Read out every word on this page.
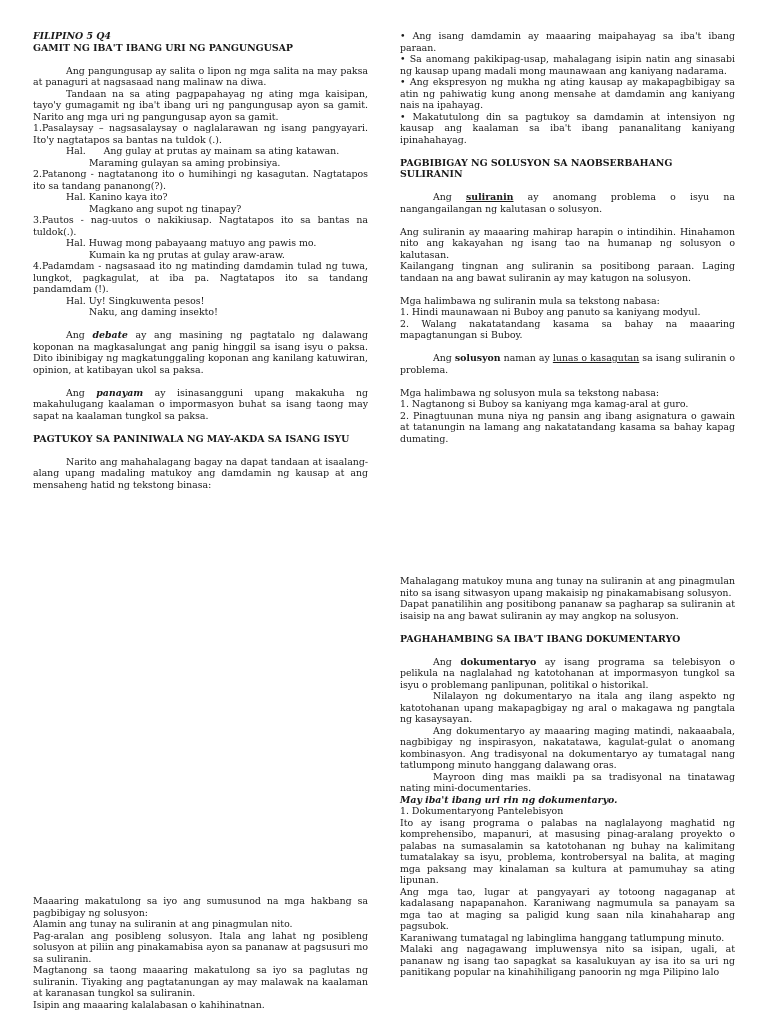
FILIPINO 5 Q4

GAMIT NG IBA'T IBANG URI NG PANGUNGUSAP

Ang pangungusap ay salita o lipon ng mga salita na may paksa at panaguri at nagsasaad nang malinaw na diwa.

Tandaan na sa ating pagpapahayag ng ating mga kaisipan, tayo'y gumagamit ng iba't ibang uri ng pangungusap ayon sa gamit. Narito ang mga uri ng pangungusap ayon sa gamit.

1.Pasalaysay – nagsasalaysay o naglalarawan ng isang pangyayari. Ito'y nagtatapos sa bantas na tuldok (.).

Hal.      Ang gulay at prutas ay mainam sa ating katawan.

Maraming gulayan sa aming probinsiya.

2.Patanong - nagtatanong ito o humihingi ng kasagutan. Nagtatapos ito sa tandang pananong(?).

Hal. Kanino kaya ito?

Magkano ang supot ng tinapay?

3.Pautos - nag-uutos o nakikiusap. Nagtatapos ito sa bantas na tuldok(.).

Hal. Huwag mong pabayaang matuyo ang pawis mo.

Kumain ka ng prutas at gulay araw-araw.

4.Padamdam - nagsasaad ito ng matinding damdamin tulad ng tuwa, lungkot, pagkagulat, at iba pa. Nagtatapos ito sa tandang pandamdam (!).

Hal. Uy! Singkuwenta pesos!

Naku, ang daming insekto!

Ang debate ay ang masining ng pagtatalo ng dalawang koponan na magkasalungat ang panig hinggil sa isang isyu o paksa. Dito ibinibigay ng magkatunggaling koponan ang kanilang katuwiran, opinion, at katibayan ukol sa paksa.

Ang panayam ay isinasangguni upang makakuha ng makahulugang kaalaman o impormasyon buhat sa isang taong may sapat na kaalaman tungkol sa paksa.

PAGTUKOY SA PANINIWALA NG MAY-AKDA SA ISANG ISYU

Narito ang mahahalagang bagay na dapat tandaan at isaalang-alang upang madaling matukoy ang damdamin ng kausap at ang mensaheng hatid ng tekstong binasa:

Maaaring makatulong sa iyo ang sumusunod na mga hakbang sa pagbibigay ng solusyon:

Alamin ang tunay na suliranin at ang pinagmulan nito.

Pag-aralan ang posibleng solusyon. Itala ang lahat ng posibleng solusyon at piliin ang pinakamabisa ayon sa pananaw at pagsusuri mo sa suliranin.

Magtanong sa taong maaaring makatulong sa iyo sa paglutas ng suliranin. Tiyaking ang pagtatanungan ay may malawak na kaalaman at karanasan tungkol sa suliranin.

Isipin ang maaaring kalalabasan o kahihinatnan.

• Ang isang damdamin ay maaaring maipahayag sa iba't ibang paraan.

• Sa anomang pakikipag-usap, mahalagang isipin natin ang sinasabi ng kausap upang madali mong maunawaan ang kaniyang nadarama.

• Ang ekspresyon ng mukha ng ating kausap ay makapagbibigay sa atin ng pahiwatig kung anong mensahe at damdamin ang kaniyang nais na ipahayag.

• Makatutulong din sa pagtukoy sa damdamin at intensiyon ng kausap ang kaalaman sa iba't ibang pananalitang kaniyang ipinahahayag.

PAGBIBIGAY NG SOLUSYON SA NAOBSERBAHANG SULIRANIN

Ang suliranin ay anomang problema o isyu na nangangailangan ng kalutasan o solusyon.

Ang suliranin ay maaaring mahirap harapin o intindihin. Hinahamon nito ang kakayahan ng isang tao na humanap ng solusyon o kalutasan.

Kailangang tingnan ang suliranin sa positibong paraan. Laging tandaan na ang bawat suliranin ay may katugon na solusyon.

Mga halimbawa ng suliranin mula sa tekstong nabasa:

1. Hindi maunawaan ni Buboy ang panuto sa kaniyang modyul.

2. Walang nakatatandang kasama sa bahay na maaaring mapagtanungan si Buboy.

Ang solusyon naman ay lunas o kasagutan sa isang suliranin o problema.

Mga halimbawa ng solusyon mula sa tekstong nabasa:

1. Nagtanong si Buboy sa kaniyang mga kamag-aral at guro.

2. Pinagtuunan muna niya ng pansin ang ibang asignatura o gawain at tatanungin na lamang ang nakatatandang kasama sa bahay kapag dumating.

Mahalagang matukoy muna ang tunay na suliranin at ang pinagmulan nito sa isang sitwasyon upang makaisip ng pinakamabisang solusyon.

Dapat panatilihin ang positibong pananaw sa pagharap sa suliranin at isaisip na ang bawat suliranin ay may angkop na solusyon.

PAGHAHAMBING SA IBA'T IBANG DOKUMENTARYO

Ang dokumentaryo ay isang programa sa telebisyon o pelikula na naglalahad ng katotohanan at impormasyon tungkol sa isyu o problemang panlipunan, politikal o historikal.

Nilalayon ng dokumentaryo na itala ang ilang aspekto ng katotohanan upang makapagbigay ng aral o makagawa ng pangtala ng kasaysayan.

Ang dokumentaryo ay maaaring maging matindi, nakaaabala, nagbibigay ng inspirasyon, nakatatawa, kagulat-gulat o anomang kombinasyon. Ang tradisyonal na dokumentaryo ay tumatagal nang tatlumpong minuto hanggang dalawang oras.

Mayroon ding mas maikli pa sa tradisyonal na tinatawag nating mini-documentaries.

May iba't ibang uri rin ng dokumentaryo.

1. Dokumentaryong Pantelebisyon

Ito ay isang programa o palabas na naglalayong maghatid ng komprehensibo, mapanuri, at masusing pinag-aralang proyekto o palabas na sumasalamin sa katotohanan ng buhay na kalimitang tumatalakay sa isyu, problema, kontrobersyal na balita, at maging mga paksang may kinalaman sa kultura at pamumuhay sa ating lipunan.

Ang mga tao, lugar at pangyayari ay totoong nagaganap at kadalasang napapanahon. Karaniwang nagmumula sa panayam sa mga tao at maging sa paligid kung saan nila kinahaharap ang pagsubok.

Karaniwang tumatagal ng labinglima hanggang tatlumpung minuto.

Malaki ang nagagawang impluwensya nito sa isipan, ugali, at pananaw ng isang tao sapagkat sa kasalukuyan ay isa ito sa uri ng panitikang popular na kinahihiligang panoorin ng mga Pilipino lalo
